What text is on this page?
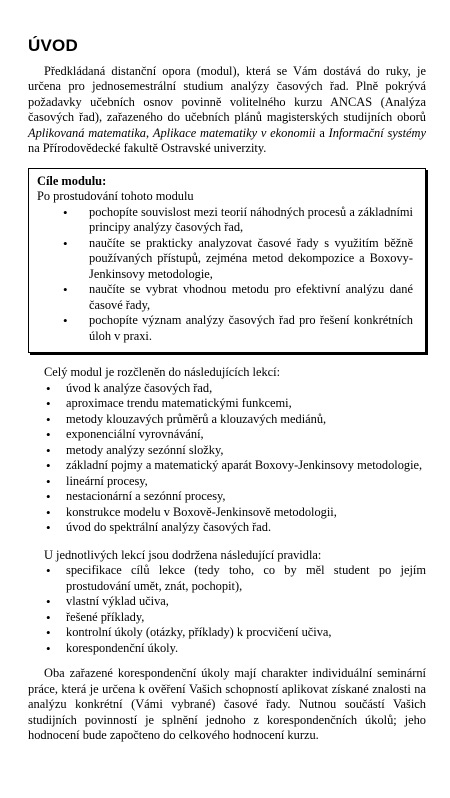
ÚVOD

Předkládaná distanční opora (modul), která se Vám dostává do ruky, je určena pro jednosemestrální studium analýzy časových řad. Plně pokrývá požadavky učebních osnov povinně volitelného kurzu ANCAS (Analýza časových řad), zařazeného do učebních plánů magisterských studijních oborů Aplikovaná matematika, Aplikace matematiky v ekonomii a Informační systémy na Přírodovědecké fakultě Ostravské univerzity.

Cíle modulu:

Po prostudování tohoto modulu

• pochopíte souvislost mezi teorií náhodných procesů a základními principy analýzy časových řad,
• naučíte se prakticky analyzovat časové řady s využitím běžně používaných přístupů, zejména metod dekompozice a Boxovy-Jenkinsovy metodologie,
• naučíte se vybrat vhodnou metodu pro efektivní analýzu dané časové řady,
• pochopíte význam analýzy časových řad pro řešení konkrétních úloh v praxi.

Celý modul je rozčleněn do následujících lekcí:

• úvod k analýze časových řad,
• aproximace trendu matematickými funkcemi,
• metody klouzavých průměrů a klouzavých mediánů,
• exponenciální vyrovnávání,
• metody analýzy sezónní složky,
• základní pojmy a matematický aparát Boxovy-Jenkinsovy metodologie,
• lineární procesy,
• nestacionární a sezónní procesy,
• konstrukce modelu v Boxově-Jenkinsově metodologii,
• úvod do spektrální analýzy časových řad.

U jednotlivých lekcí jsou dodržena následující pravidla:

• specifikace cílů lekce (tedy toho, co by měl student po jejím prostudování umět, znát, pochopit),
• vlastní výklad učiva,
• řešené příklady,
• kontrolní úkoly (otázky, příklady) k procvičení učiva,
• korespondenční úkoly.

Oba zařazené korespondenční úkoly mají charakter individuální seminární práce, která je určena k ověření Vašich schopností aplikovat získané znalosti na analýzu konkrétní (Vámi vybrané) časové řady. Nutnou součástí Vašich studijních povinností je splnění jednoho z korespondenčních úkolů; jeho hodnocení bude započteno do celkového hodnocení kurzu.
